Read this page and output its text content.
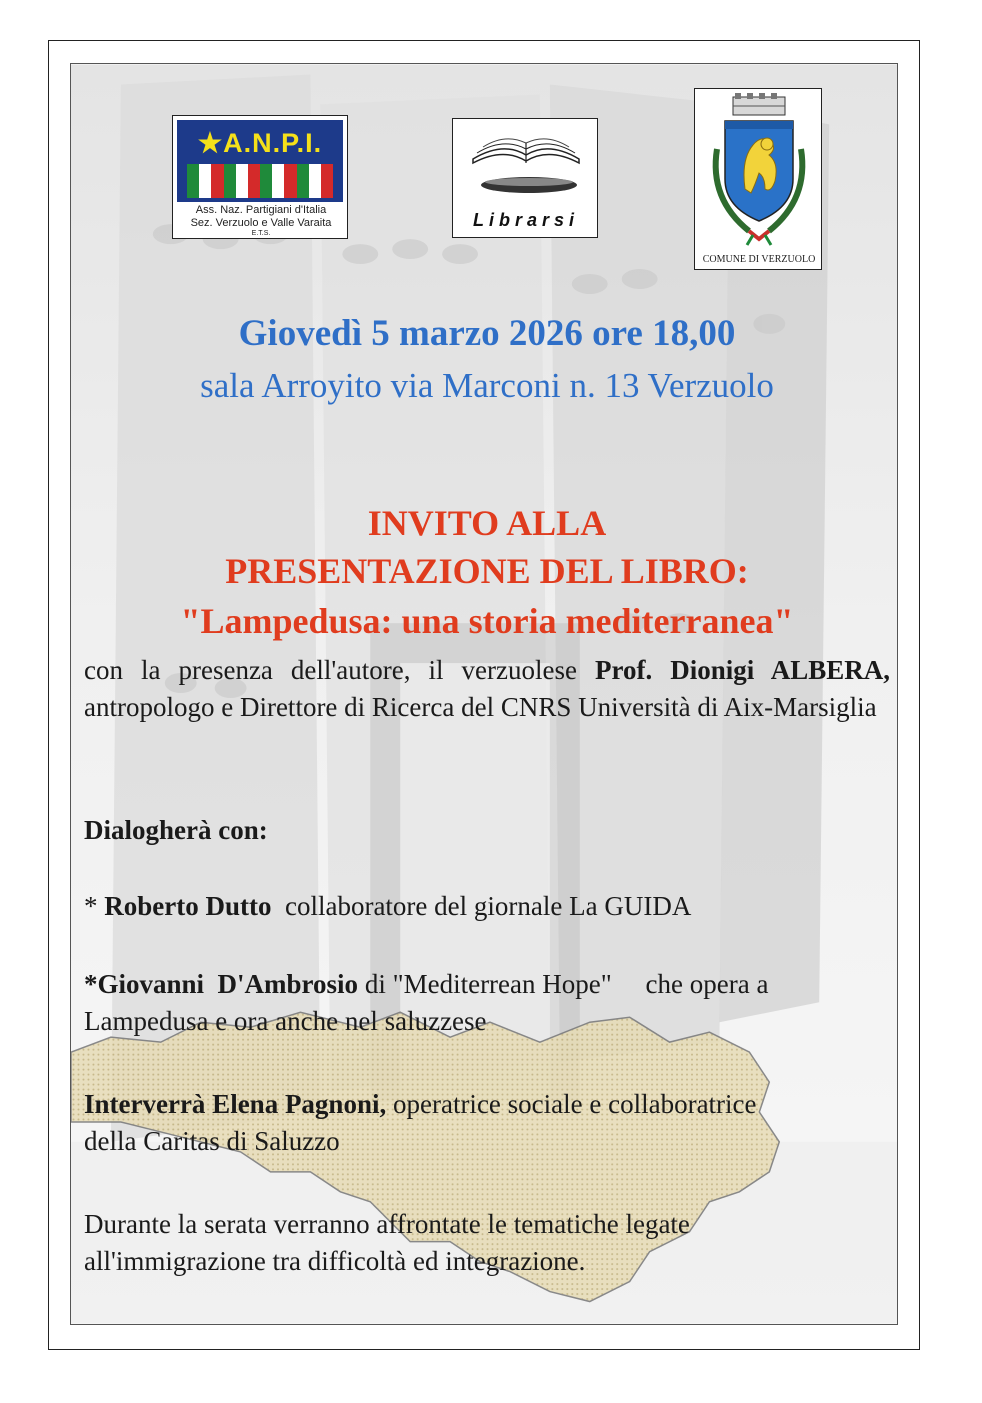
★A.N.P.I.
Ass. Naz. Partigiani d'Italia
Sez. Verzuolo e Valle Varaita
E.T.S.
Librarsi
COMUNE DI VERZUOLO
Giovedì 5 marzo 2026 ore 18,00
sala Arroyito via Marconi n. 13 Verzuolo
INVITO ALLA
PRESENTAZIONE DEL LIBRO:
"Lampedusa: una storia mediterranea"
con la presenza dell'autore, il verzuolese Prof. Dionigi ALBERA, antropologo e Direttore di Ricerca del CNRS Università di Aix-Marsiglia
Dialogherà con:
* Roberto Dutto collaboratore del giornale La GUIDA
*Giovanni  D'Ambrosio di "Mediterrean Hope"     che opera a Lampedusa e ora anche nel saluzzese
Interverrà Elena Pagnoni, operatrice sociale e collaboratrice della Caritas di Saluzzo
Durante la serata verranno affrontate le tematiche legate all'immigrazione tra difficoltà ed integrazione.
